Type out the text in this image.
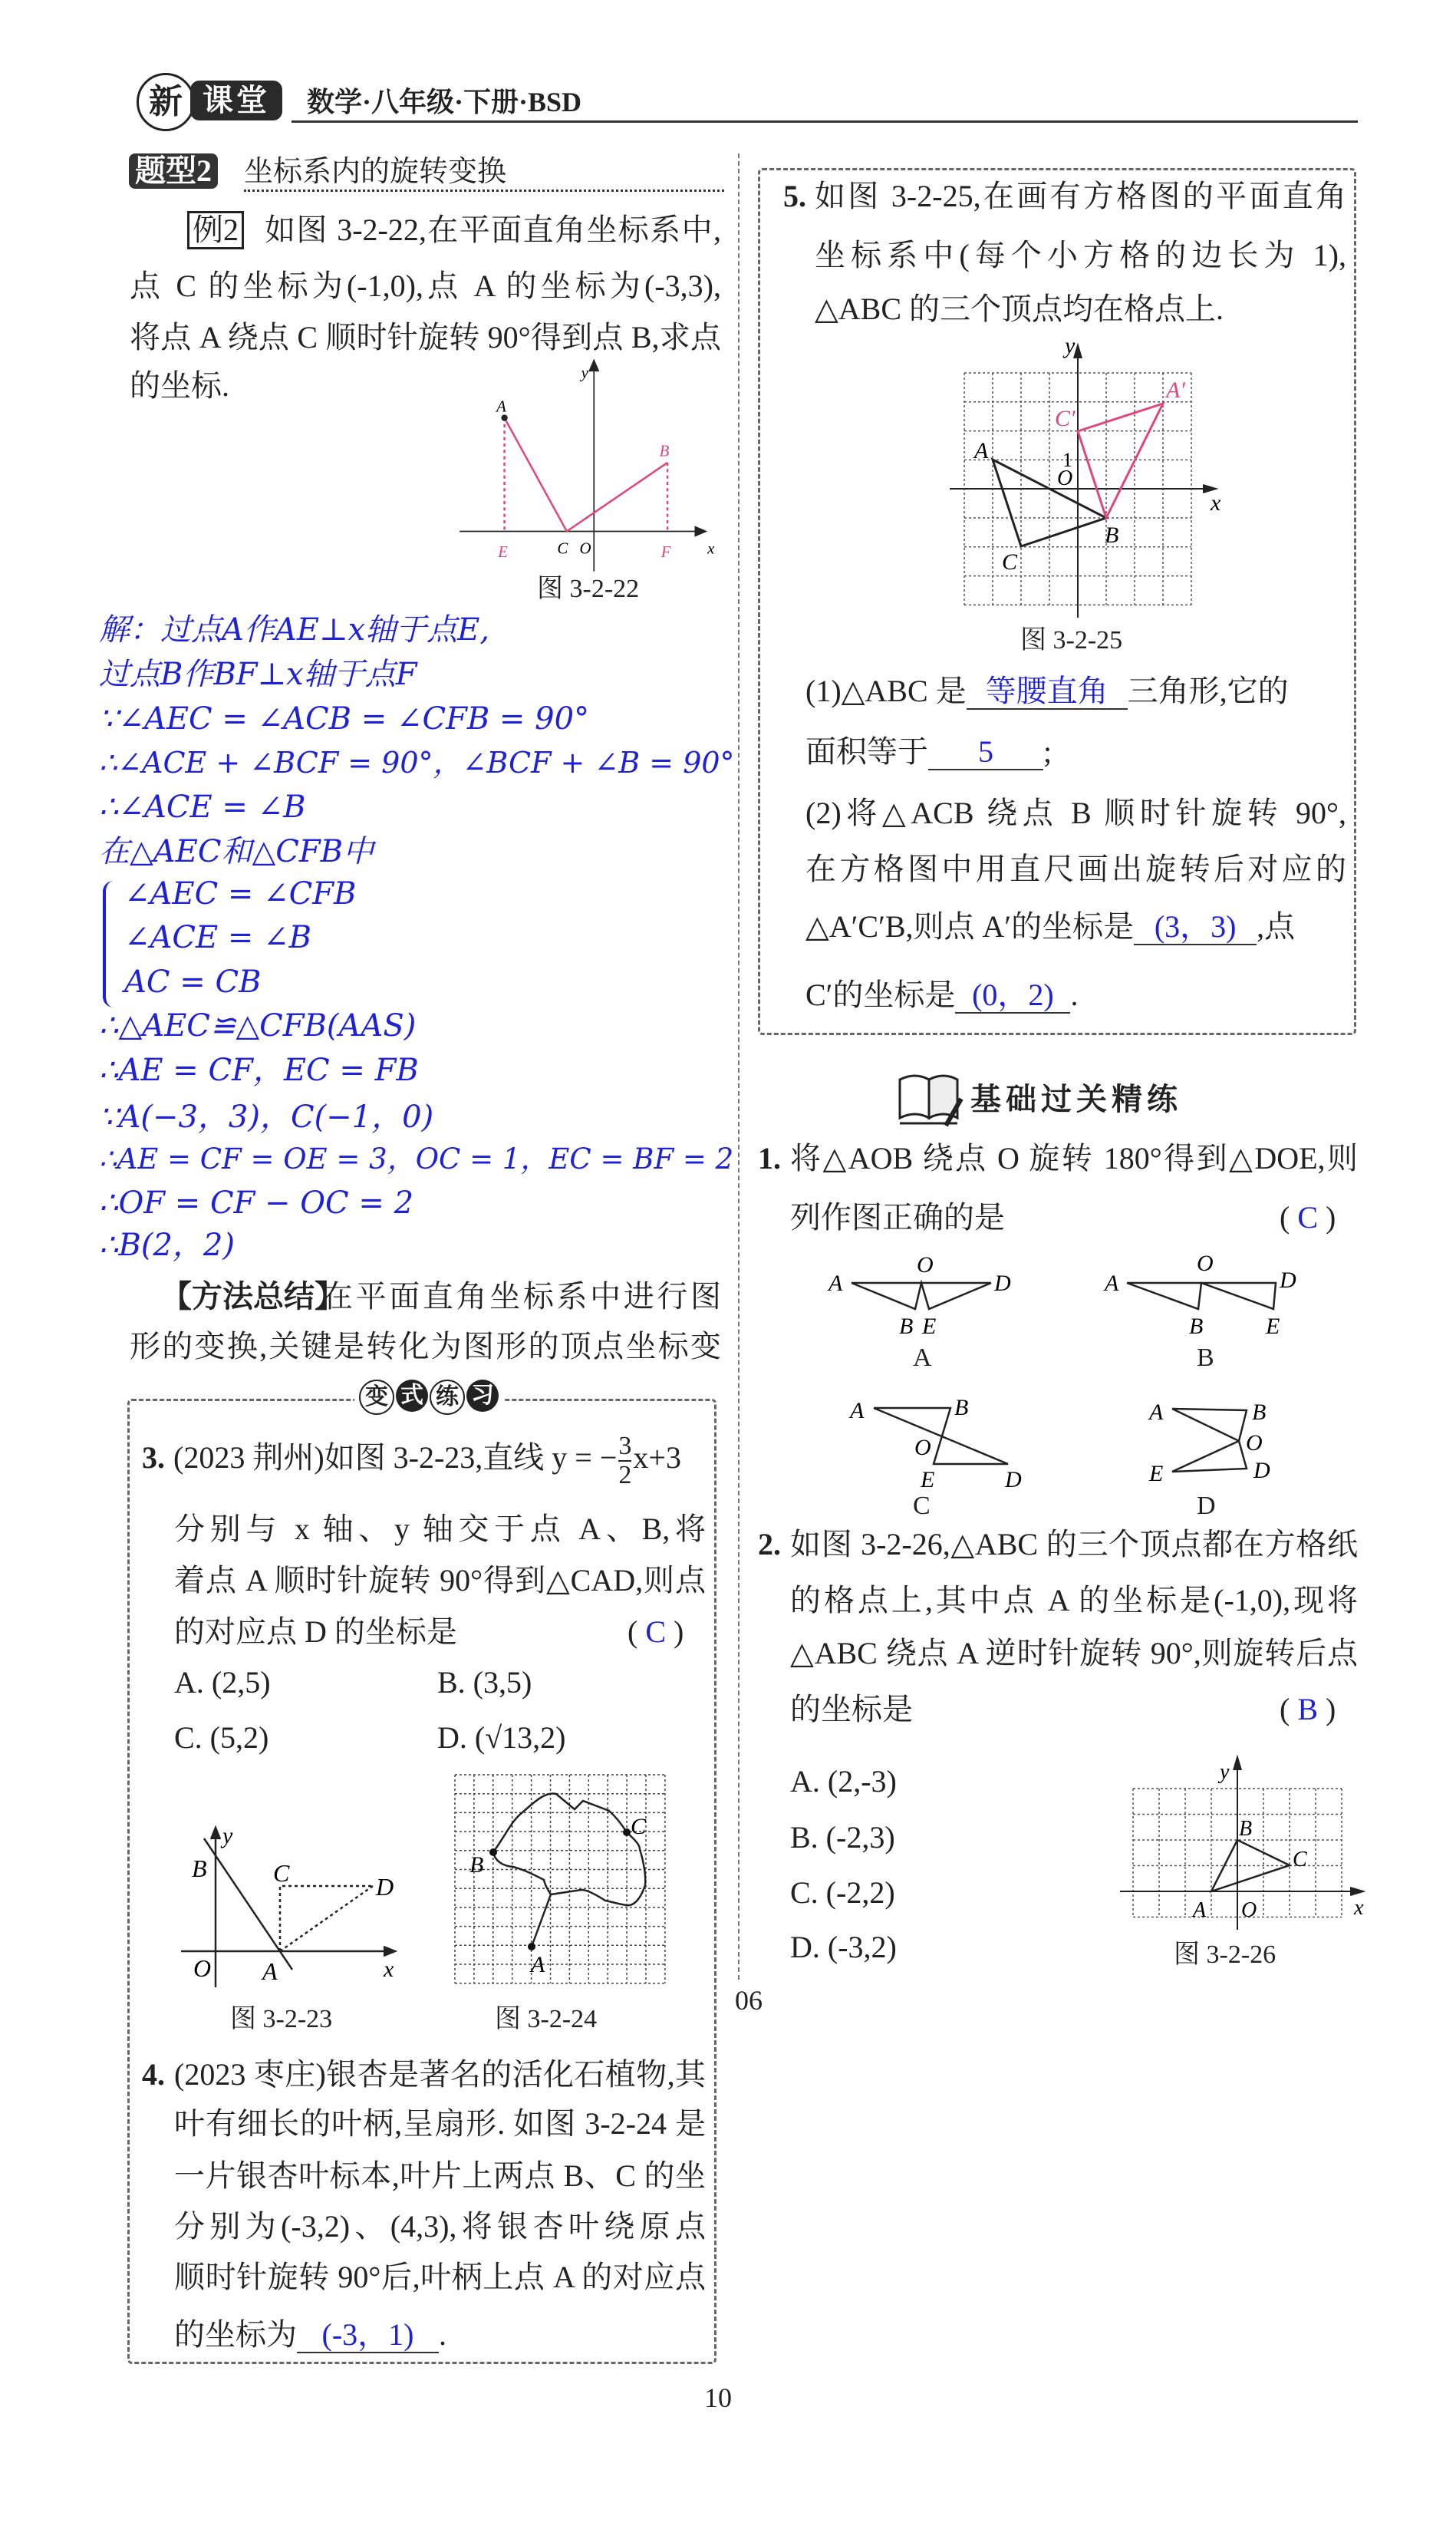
新 课堂	数学·八年级·下册·BSD
题型2 坐标系内的旋转变换
例2 如图 3-2-22,在平面直角坐标系中,
点 C 的坐标为(-1,0),点 A 的坐标为(-3,3),
将点 A 绕点 C 顺时针旋转 90°得到点 B,求点
的坐标.	y
x
A
B
C O
E	F
图 3-2-22
解：过点A作AE⊥x轴于点E,
过点B作BF⊥x轴于点F
∵∠AEC = ∠ACB = ∠CFB = 90°
∴∠ACE + ∠BCF = 90°，∠BCF + ∠B = 90°
∴∠ACE = ∠B
在△AEC和△CFB中
∠AEC = ∠CFB
∠ACE = ∠B
AC = CB
∴△AEC≌△CFB(AAS)
∴AE = CF，EC = FB
∵A(−3，3)，C(−1，0)
∴AE = CF = OE = 3，OC = 1，EC = BF = 2
∴OF = CF − OC = 2
∴B(2，2)
【方法总结】
在平面直角坐标系中进行图
形的变换,关键是转化为图形的顶点坐标变
变 式 练 习
3. (2023 荆州)如图 3-2-23,直线 y = − $\frac{3}{2} x+3$
分别与 x 轴、y 轴交于点 A、B,将
着点 A 顺时针旋转 90°得到△CAD,则点
的对应点 D 的坐标是	( C )
A. (2,5)	B. (3,5)
C. (5,2)	D. (√13,2)
y
B	C	D
O A	x
图 3-2-23
B
C
A
图 3-2-24
4. (2023 枣庄)银杏是著名的活化石植物,其
叶有细长的叶柄,呈扇形. 如图 3-2-24 是
一片银杏叶标本,叶片上两点 B、C 的坐
分别为(-3,2)、(4,3),将银杏叶绕原点
顺时针旋转 90°后,叶柄上点 A 的对应点
的坐标为 (-3，1) .
5. 如图 3-2-25,在画有方格图的平面直角
坐标系中(每个小方格的边长为 1),
△ABC 的三个顶点均在格点上.
y
x
A
B
C
O
1
A′
C′
图 3-2-25
(1)△ABC 是 等腰直角 三角形,它的
面积等于 5 ;
(2)将△ACB 绕点 B 顺时针旋转 90°,
在方格图中用直尺画出旋转后对应的
△A′C′B,则点 A′的坐标是 (3，3) ,点
C′的坐标是 (0，2) .
基础过关精练
1. 将△AOB 绕点 O 旋转 180°得到△DOE,则
列作图正确的是	( C )
A
O
D
B E
A
O
D
B	E
A	B
O
E	D
A	B
O
D
E
A	B
C	D
2. 如图 3-2-26,△ABC 的三个顶点都在方格纸
的格点上,其中点 A 的坐标是(-1,0),现将
△ABC 绕点 A 逆时针旋转 90°,则旋转后点
的坐标是	( B )
A. (2,-3)
B. (-2,3)
C. (-2,2)
D. (-3,2)
y
x
A
B
C
O
图 3-2-26
10
06
